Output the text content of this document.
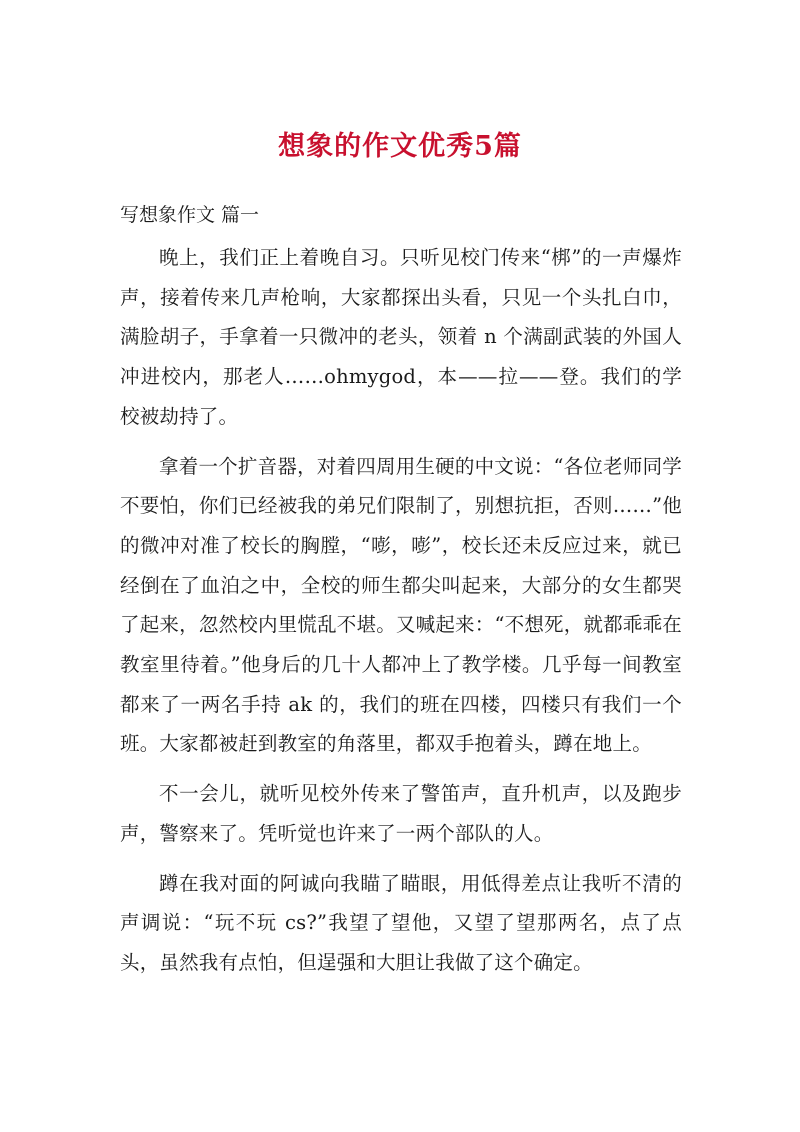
想象的作文优秀5篇
写想象作文 篇一

晚上，我们正上着晚自习。只听见校门传来“梆”的一声爆炸声，接着传来几声枪响，大家都探出头看，只见一个头扎白巾，满脸胡子，手拿着一只微冲的老头，领着 n 个满副武装的外国人冲进校内，那老人……ohmygod，本——拉——登。我们的学校被劫持了。

拿着一个扩音器，对着四周用生硬的中文说：“各位老师同学不要怕，你们已经被我的弟兄们限制了，别想抗拒，否则……”他的微冲对准了校长的胸膛，“嘭，嘭”，校长还未反应过来，就已经倒在了血泊之中，全校的师生都尖叫起来，大部分的女生都哭了起来，忽然校内里慌乱不堪。又喊起来：“不想死，就都乖乖在教室里待着。”他身后的几十人都冲上了教学楼。几乎每一间教室都来了一两名手持 ak 的，我们的班在四楼，四楼只有我们一个班。大家都被赶到教室的角落里，都双手抱着头，蹲在地上。

不一会儿，就听见校外传来了警笛声，直升机声，以及跑步声，警察来了。凭听觉也许来了一两个部队的人。

蹲在我对面的阿诚向我瞄了瞄眼，用低得差点让我听不清的声调说：“玩不玩 cs?”我望了望他，又望了望那两名，点了点头，虽然我有点怕，但逞强和大胆让我做了这个确定。
